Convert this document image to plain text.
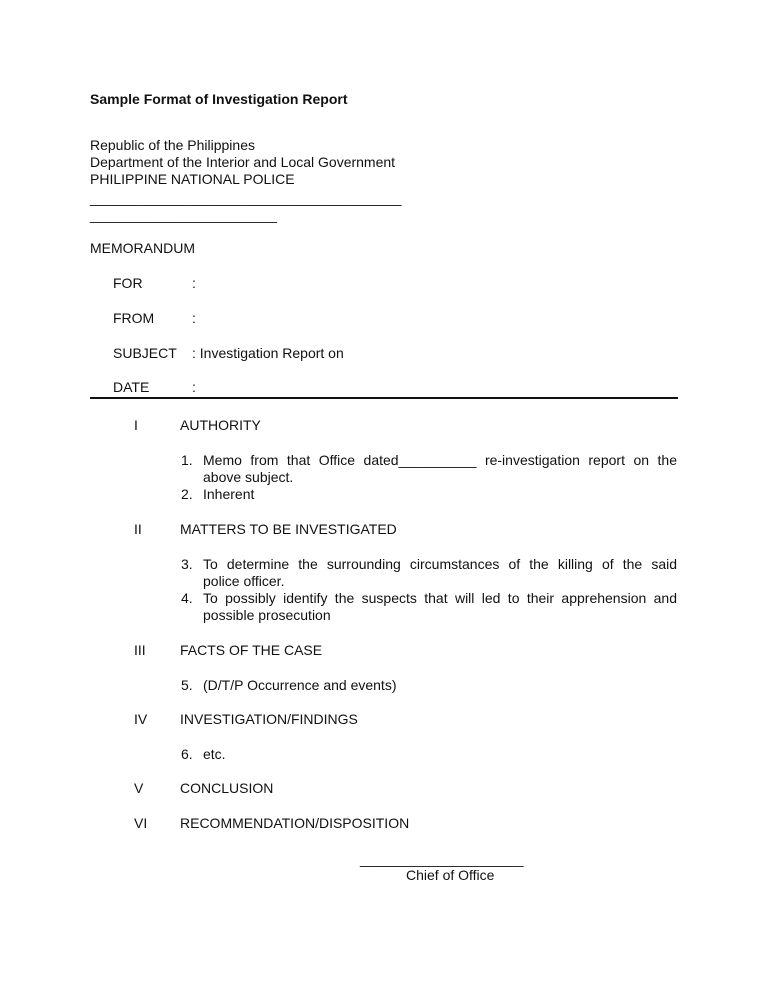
Sample Format of Investigation Report
Republic of the Philippines
Department of the Interior and Local Government
PHILIPPINE NATIONAL POLICE
________________________________________
________________________
MEMORANDUM
FOR	:
FROM	:
SUBJECT : Investigation Report on
DATE	:
I	AUTHORITY
1. Memo from that Office dated__________ re-investigation report on the
above subject.
2. Inherent
II	MATTERS TO BE INVESTIGATED
3. To determine the surrounding circumstances of the killing of the said
police officer.
4. To possibly identify the suspects that will led to their apprehension and
possible prosecution
III FACTS OF THE CASE
5. (D/T/P Occurrence and events)
IV INVESTIGATION/FINDINGS
6. etc.
V	CONCLUSION
VI RECOMMENDATION/DISPOSITION
_____________________
Chief of Office
